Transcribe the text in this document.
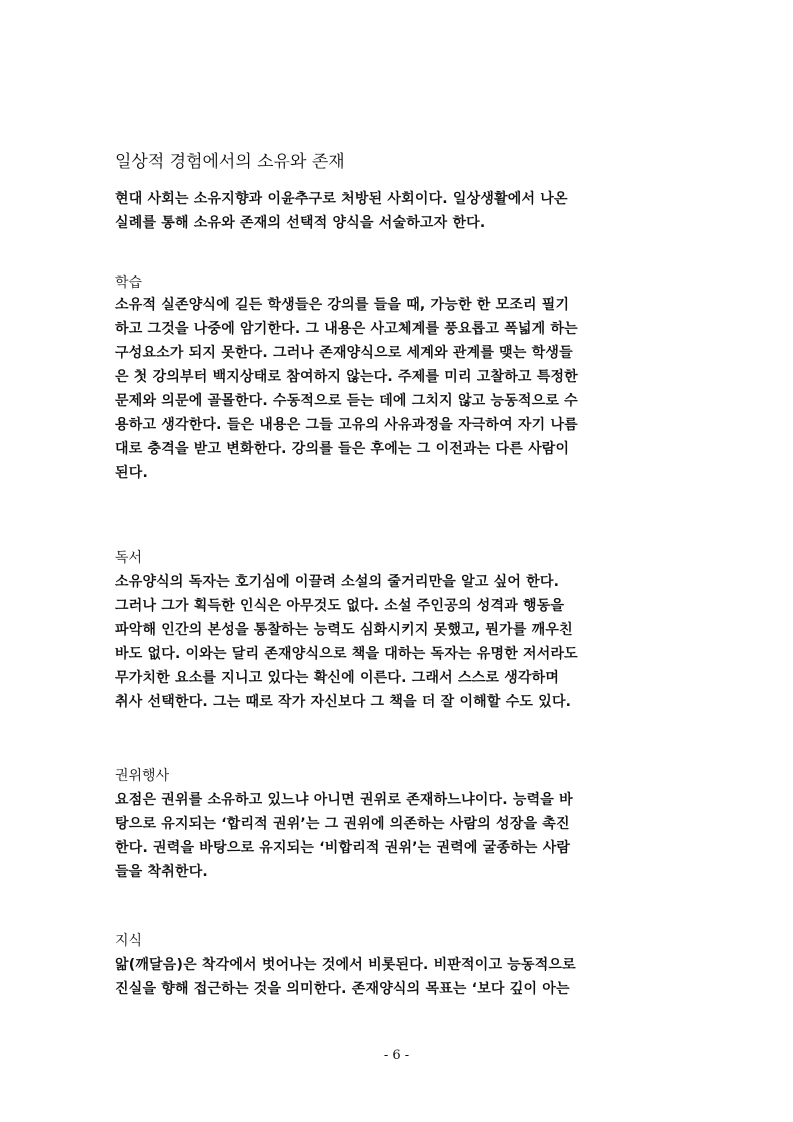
일상적 경험에서의 소유와 존재
현대 사회는 소유지향과 이윤추구로 처방된 사회이다. 일상생활에서 나온
실례를 통해 소유와 존재의 선택적 양식을 서술하고자 한다.
학습
소유적 실존양식에 길든 학생들은 강의를 들을 때, 가능한 한 모조리 필기
하고 그것을 나중에 암기한다. 그 내용은 사고체계를 풍요롭고 폭넓게 하는
구성요소가 되지 못한다. 그러나 존재양식으로 세계와 관계를 맺는 학생들
은 첫 강의부터 백지상태로 참여하지 않는다. 주제를 미리 고찰하고 특정한
문제와 의문에 골몰한다. 수동적으로 듣는 데에 그치지 않고 능동적으로 수
용하고 생각한다. 들은 내용은 그들 고유의 사유과정을 자극하여 자기 나름
대로 충격을 받고 변화한다. 강의를 들은 후에는 그 이전과는 다른 사람이
된다.
독서
소유양식의 독자는 호기심에 이끌려 소설의 줄거리만을 알고 싶어 한다.
그러나 그가 획득한 인식은 아무것도 없다. 소설 주인공의 성격과 행동을
파악해 인간의 본성을 통찰하는 능력도 심화시키지 못했고, 뭔가를 깨우친
바도 없다. 이와는 달리 존재양식으로 책을 대하는 독자는 유명한 저서라도
무가치한 요소를 지니고 있다는 확신에 이른다. 그래서 스스로 생각하며
취사 선택한다. 그는 때로 작가 자신보다 그 책을 더 잘 이해할 수도 있다.
권위행사
요점은 권위를 소유하고 있느냐 아니면 권위로 존재하느냐이다. 능력을 바
탕으로 유지되는 ‘합리적 권위’는 그 권위에 의존하는 사람의 성장을 촉진
한다. 권력을 바탕으로 유지되는 ‘비합리적 권위’는 권력에 굴종하는 사람
들을 착취한다.
지식
앎(깨달음)은 착각에서 벗어나는 것에서 비롯된다. 비판적이고 능동적으로
진실을 향해 접근하는 것을 의미한다. 존재양식의 목표는 ‘보다 깊이 아는
- 6 -
